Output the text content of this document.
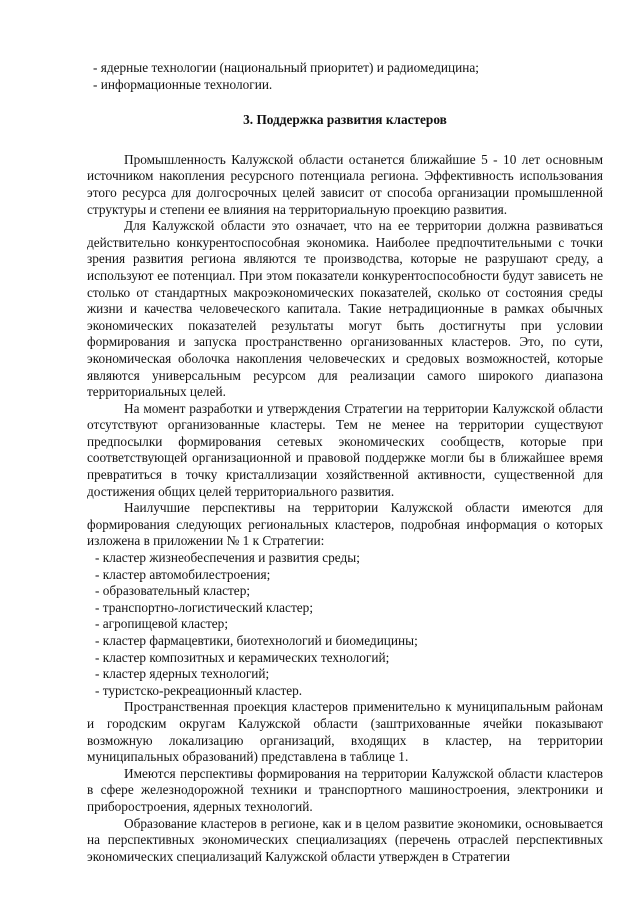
- ядерные технологии (национальный приоритет) и радиомедицина;
- информационные технологии.
3. Поддержка развития кластеров

Промышленность Калужской области останется ближайшие 5 - 10 лет основным источником накопления ресурсного потенциала региона. Эффективность использования этого ресурса для долгосрочных целей зависит от способа организации промышленной структуры и степени ее влияния на территориальную проекцию развития.

Для Калужской области это означает, что на ее территории должна развиваться действительно конкурентоспособная экономика. Наиболее предпочтительными с точки зрения развития региона являются те производства, которые не разрушают среду, а используют ее потенциал. При этом показатели конкурентоспособности будут зависеть не столько от стандартных макроэкономических показателей, сколько от состояния среды жизни и качества человеческого капитала. Такие нетрадиционные в рамках обычных экономических показателей результаты могут быть достигнуты при условии формирования и запуска пространственно организованных кластеров. Это, по сути, экономическая оболочка накопления человеческих и средовых возможностей, которые являются универсальным ресурсом для реализации самого широкого диапазона территориальных целей.

На момент разработки и утверждения Стратегии на территории Калужской области отсутствуют организованные кластеры. Тем не менее на территории существуют предпосылки формирования сетевых экономических сообществ, которые при соответствующей организационной и правовой поддержке могли бы в ближайшее время превратиться в точку кристаллизации хозяйственной активности, существенной для достижения общих целей территориального развития.

Наилучшие перспективы на территории Калужской области имеются для формирования следующих региональных кластеров, подробная информация о которых изложена в приложении № 1 к Стратегии:

- кластер жизнеобеспечения и развития среды;
- кластер автомобилестроения;
- образовательный кластер;
- транспортно-логистический кластер;
- агропищевой кластер;
- кластер фармацевтики, биотехнологий и биомедицины;
- кластер композитных и керамических технологий;
- кластер ядерных технологий;
- туристско-рекреационный кластер.

Пространственная проекция кластеров применительно к муниципальным районам и городским округам Калужской области (заштрихованные ячейки показывают возможную локализацию организаций, входящих в кластер, на территории муниципальных образований) представлена в таблице 1.

Имеются перспективы формирования на территории Калужской области кластеров в сфере железнодорожной техники и транспортного машиностроения, электроники и приборостроения, ядерных технологий.

Образование кластеров в регионе, как и в целом развитие экономики, основывается на перспективных экономических специализациях (перечень отраслей перспективных экономических специализаций Калужской области утвержден в Стратегии
